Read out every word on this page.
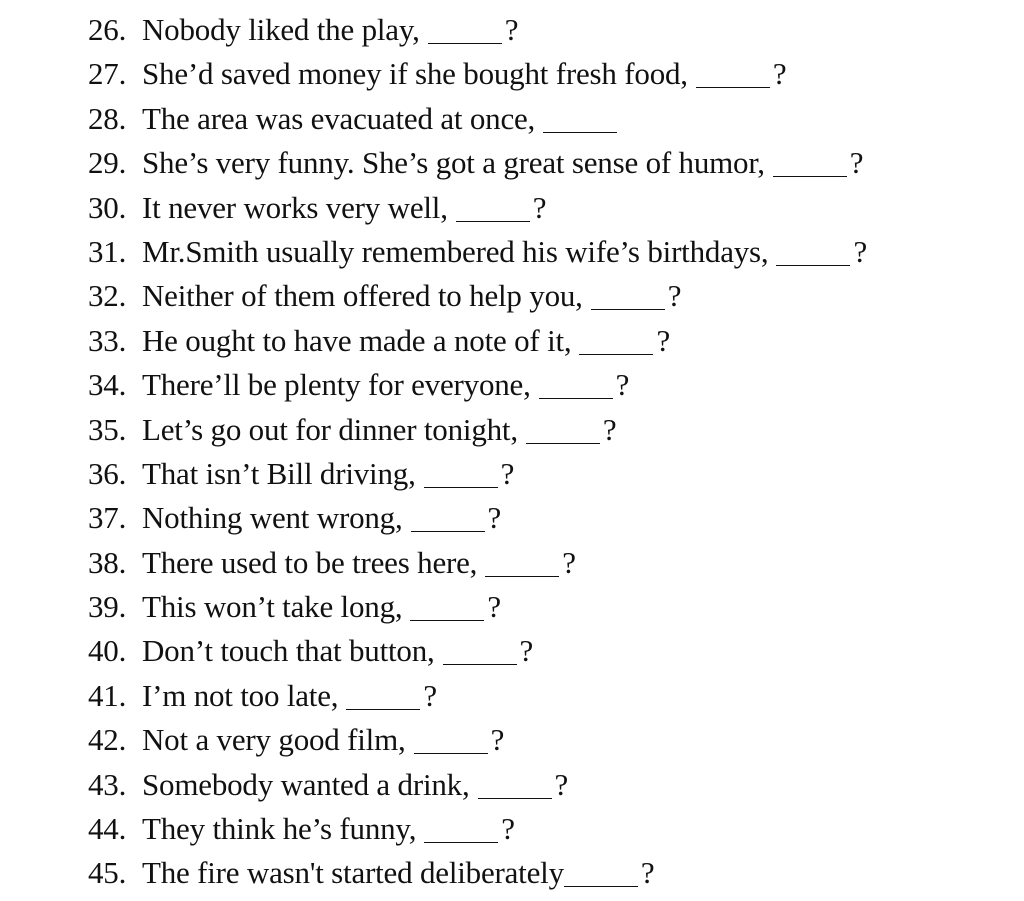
26. Nobody liked the play,	?
27. She’d saved money if she bought fresh food,	?
28. The area was evacuated at once,
29. She’s very funny. She’s got a great sense of humor,	?
30. It never works very well,	?
31. Mr.Smith usually remembered his wife’s birthdays,	?
32. Neither of them offered to help you,	?
33. He ought to have made a note of it,	?
34. There’ll be plenty for everyone,	?
35. Let’s go out for dinner tonight,	?
36. That isn’t Bill driving,	?
37. Nothing went wrong,	?
38. There used to be trees here,	?
39. This won’t take long,	?
40. Don’t touch that button,	?
41. I’m not too late,	?
42. Not a very good film,	?
43. Somebody wanted a drink,	?
44. They think he’s funny,	?
45. The fire wasn't started deliberately ?
